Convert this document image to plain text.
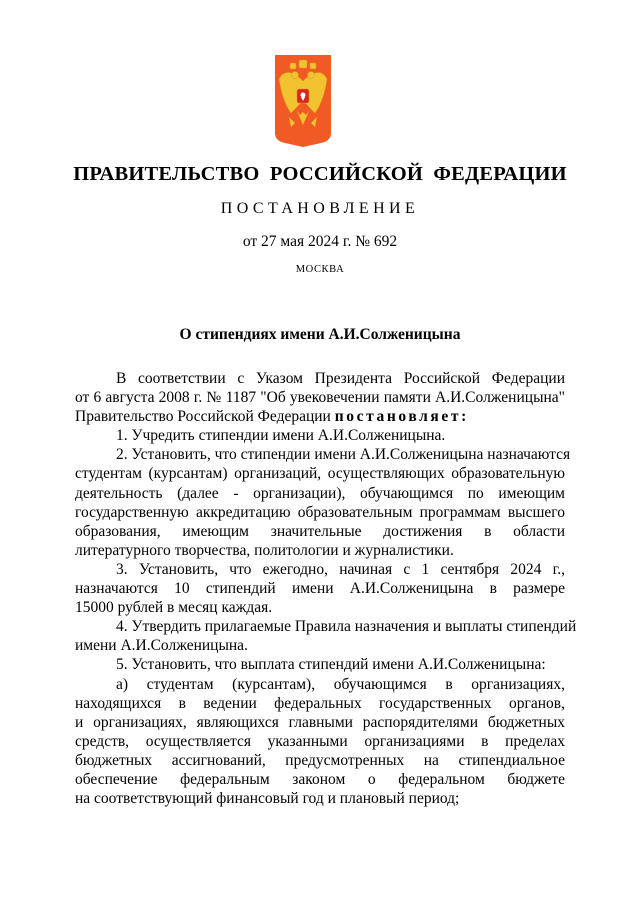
ПРАВИТЕЛЬСТВО РОССИЙСКОЙ ФЕДЕРАЦИИ
ПОСТАНОВЛЕНИЕ
от 27 мая 2024 г. № 692
МОСКВА
О стипендиях имени А.И.Солженицына
В соответствии с Указом Президента Российской Федерации
от 6 августа 2008 г. № 1187 "Об увековечении памяти А.И.Солженицына"
Правительство Российской Федерации постановляет:
1. Учредить стипендии имени А.И.Солженицына.
2. Установить, что стипендии имени А.И.Солженицына назначаются
студентам (курсантам) организаций, осуществляющих образовательную
деятельность (далее - организации), обучающимся по имеющим
государственную аккредитацию образовательным программам высшего
образования, имеющим значительные достижения в области
литературного творчества, политологии и журналистики.
3. Установить, что ежегодно, начиная с 1 сентября 2024 г.,
назначаются 10 стипендий имени А.И.Солженицына в размере
15000 рублей в месяц каждая.
4. Утвердить прилагаемые Правила назначения и выплаты стипендий
имени А.И.Солженицына.
5. Установить, что выплата стипендий имени А.И.Солженицына:
а) студентам (курсантам), обучающимся в организациях,
находящихся в ведении федеральных государственных органов,
и организациях, являющихся главными распорядителями бюджетных
средств, осуществляется указанными организациями в пределах
бюджетных ассигнований, предусмотренных на стипендиальное
обеспечение федеральным законом о федеральном бюджете
на соответствующий финансовый год и плановый период;
